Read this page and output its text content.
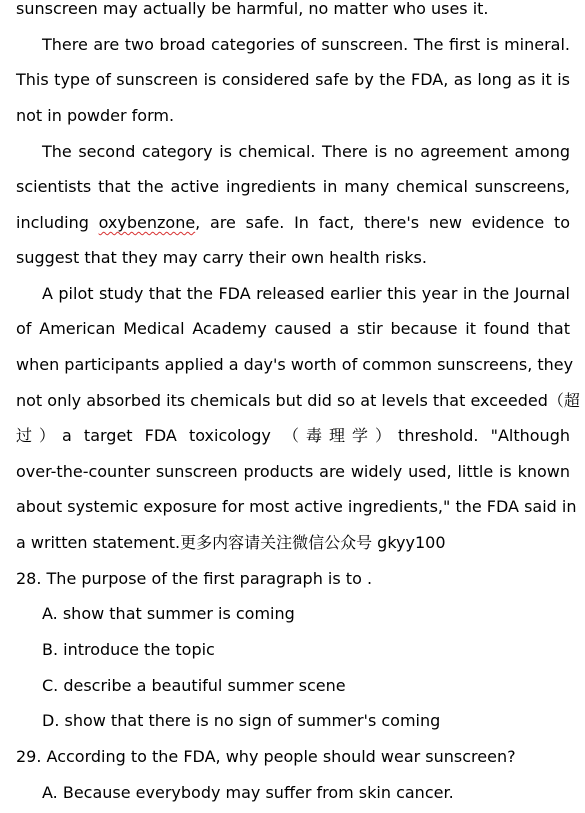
sunscreen may actually be harmful, no matter who uses it.
There are two broad categories of sunscreen. The first is mineral.
This type of sunscreen is considered safe by the FDA, as long as it is
not in powder form.
The second category is chemical. There is no agreement among
scientists that the active ingredients in many chemical sunscreens,
including oxybenzone, are safe. In fact, there's new evidence to
suggest that they may carry their own health risks.
A pilot study that the FDA released earlier this year in the Journal
of American Medical Academy caused a stir because it found that
when participants applied a day's worth of common sunscreens, they
not only absorbed its chemicals but did so at levels that exceeded（超
过）a target FDA toxicology （毒理学）threshold. "Although
over-the-counter sunscreen products are widely used, little is known
about systemic exposure for most active ingredients," the FDA said in
a written statement.更多内容请关注微信公众号 gkyy100
28. The purpose of the first paragraph is to .
A. show that summer is coming
B. introduce the topic
C. describe a beautiful summer scene
D. show that there is no sign of summer's coming
29. According to the FDA, why people should wear sunscreen?
A. Because everybody may suffer from skin cancer.
